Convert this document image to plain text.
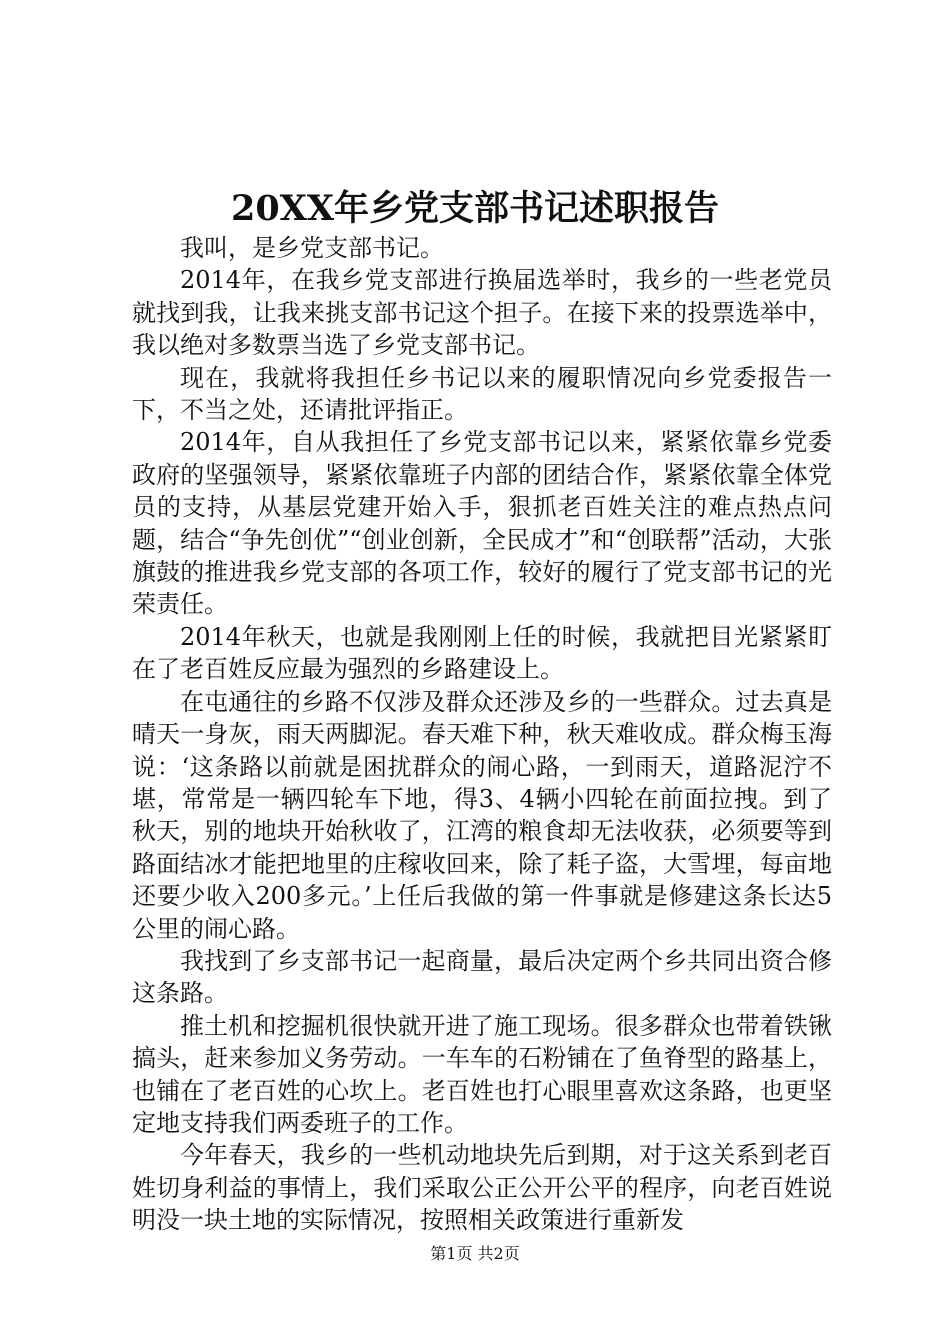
20XX年乡党支部书记述职报告

我叫，是乡党支部书记。

2014年，在我乡党支部进行换届选举时，我乡的一些老党员就找到我，让我来挑支部书记这个担子。在接下来的投票选举中，我以绝对多数票当选了乡党支部书记。

现在，我就将我担任乡书记以来的履职情况向乡党委报告一下，不当之处，还请批评指正。

2014年，自从我担任了乡党支部书记以来，紧紧依靠乡党委政府的坚强领导，紧紧依靠班子内部的团结合作，紧紧依靠全体党员的支持，从基层党建开始入手，狠抓老百姓关注的难点热点问题，结合“争先创优”“创业创新，全民成才”和“创联帮”活动，大张旗鼓的推进我乡党支部的各项工作，较好的履行了党支部书记的光荣责任。

2014年秋天，也就是我刚刚上任的时候，我就把目光紧紧盯在了老百姓反应最为强烈的乡路建设上。

在屯通往的乡路不仅涉及群众还涉及乡的一些群众。过去真是晴天一身灰，雨天两脚泥。春天难下种，秋天难收成。群众梅玉海说：‘这条路以前就是困扰群众的闹心路，一到雨天，道路泥泞不堪，常常是一辆四轮车下地，得3、4辆小四轮在前面拉拽。到了秋天，别的地块开始秋收了，江湾的粮食却无法收获，必须要等到路面结冰才能把地里的庄稼收回来，除了耗子盗，大雪埋，每亩地还要少收入200多元。’上任后我做的第一件事就是修建这条长达5公里的闹心路。

我找到了乡支部书记一起商量，最后决定两个乡共同出资合修这条路。

推土机和挖掘机很快就开进了施工现场。很多群众也带着铁锹搞头，赶来参加义务劳动。一车车的石粉铺在了鱼脊型的路基上，也铺在了老百姓的心坎上。老百姓也打心眼里喜欢这条路，也更坚定地支持我们两委班子的工作。

今年春天，我乡的一些机动地块先后到期，对于这关系到老百姓切身利益的事情上，我们采取公正公开公平的程序，向老百姓说明没一块土地的实际情况，按照相关政策进行重新发

第1页 共2页
